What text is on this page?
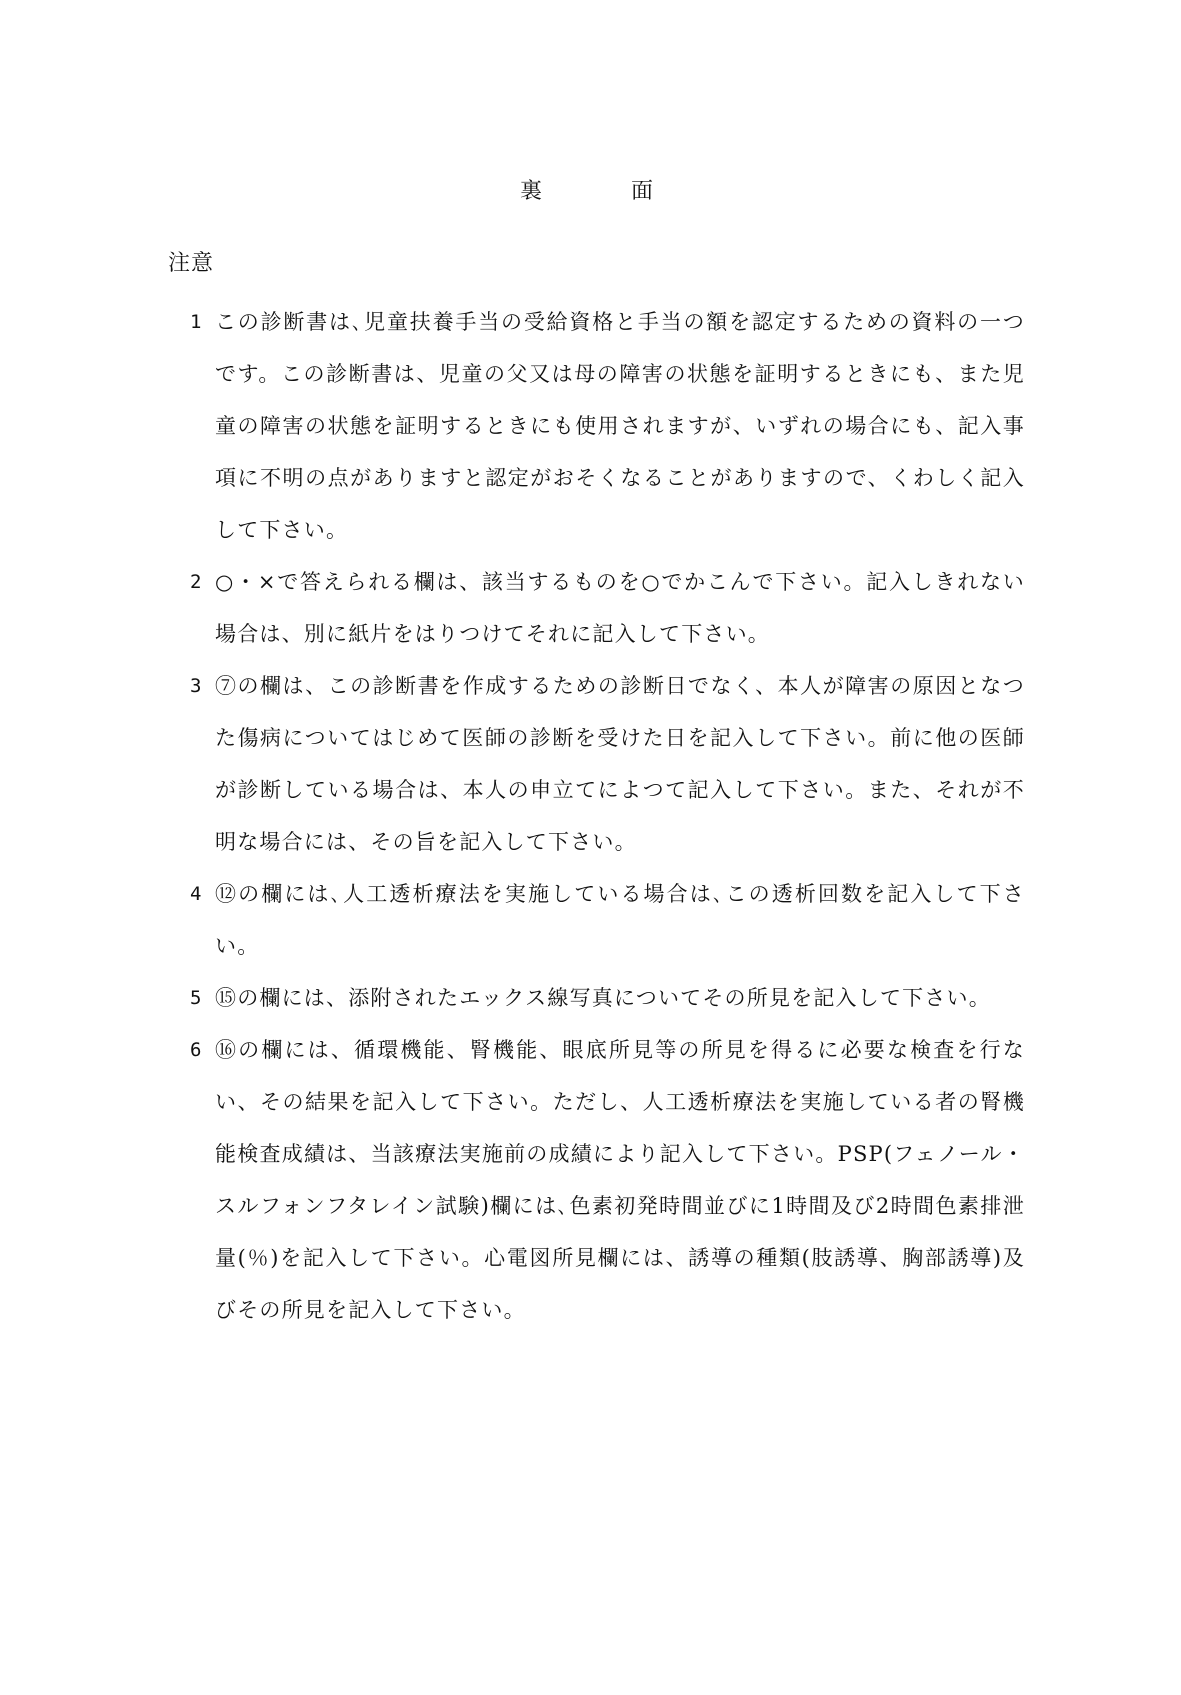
裏	面
注意
1 この診断書は､児童扶養手当の受給資格と手当の額を認定するための資料の一つです。この診断書は、児童の父又は母の障害の状態を証明するときにも、また児童の障害の状態を証明するときにも使用されますが、いずれの場合にも、記入事項に不明の点がありますと認定がおそくなることがありますので、くわしく記入して下さい。
2 ○・×で答えられる欄は、該当するものを○でかこんで下さい。記入しきれない場合は、別に紙片をはりつけてそれに記入して下さい。
3 ⑦の欄は、この診断書を作成するための診断日でなく、本人が障害の原因となつた傷病についてはじめて医師の診断を受けた日を記入して下さい。前に他の医師が診断している場合は、本人の申立てによつて記入して下さい。また、それが不明な場合には、その旨を記入して下さい。
4 ⑫の欄には､人工透析療法を実施している場合は､この透析回数を記入して下さい。
5 ⑮の欄には、添附されたエックス線写真についてその所見を記入して下さい。
6 ⑯の欄には、循環機能、腎機能、眼底所見等の所見を得るに必要な検査を行ない、その結果を記入して下さい。ただし、人工透析療法を実施している者の腎機能検査成績は、当該療法実施前の成績により記入して下さい。PSP(フェノール・スルフォンフタレイン試験)欄には､色素初発時間並びに1時間及び2時間色素排泄量(％)を記入して下さい。心電図所見欄には、誘導の種類(肢誘導、胸部誘導)及びその所見を記入して下さい。
